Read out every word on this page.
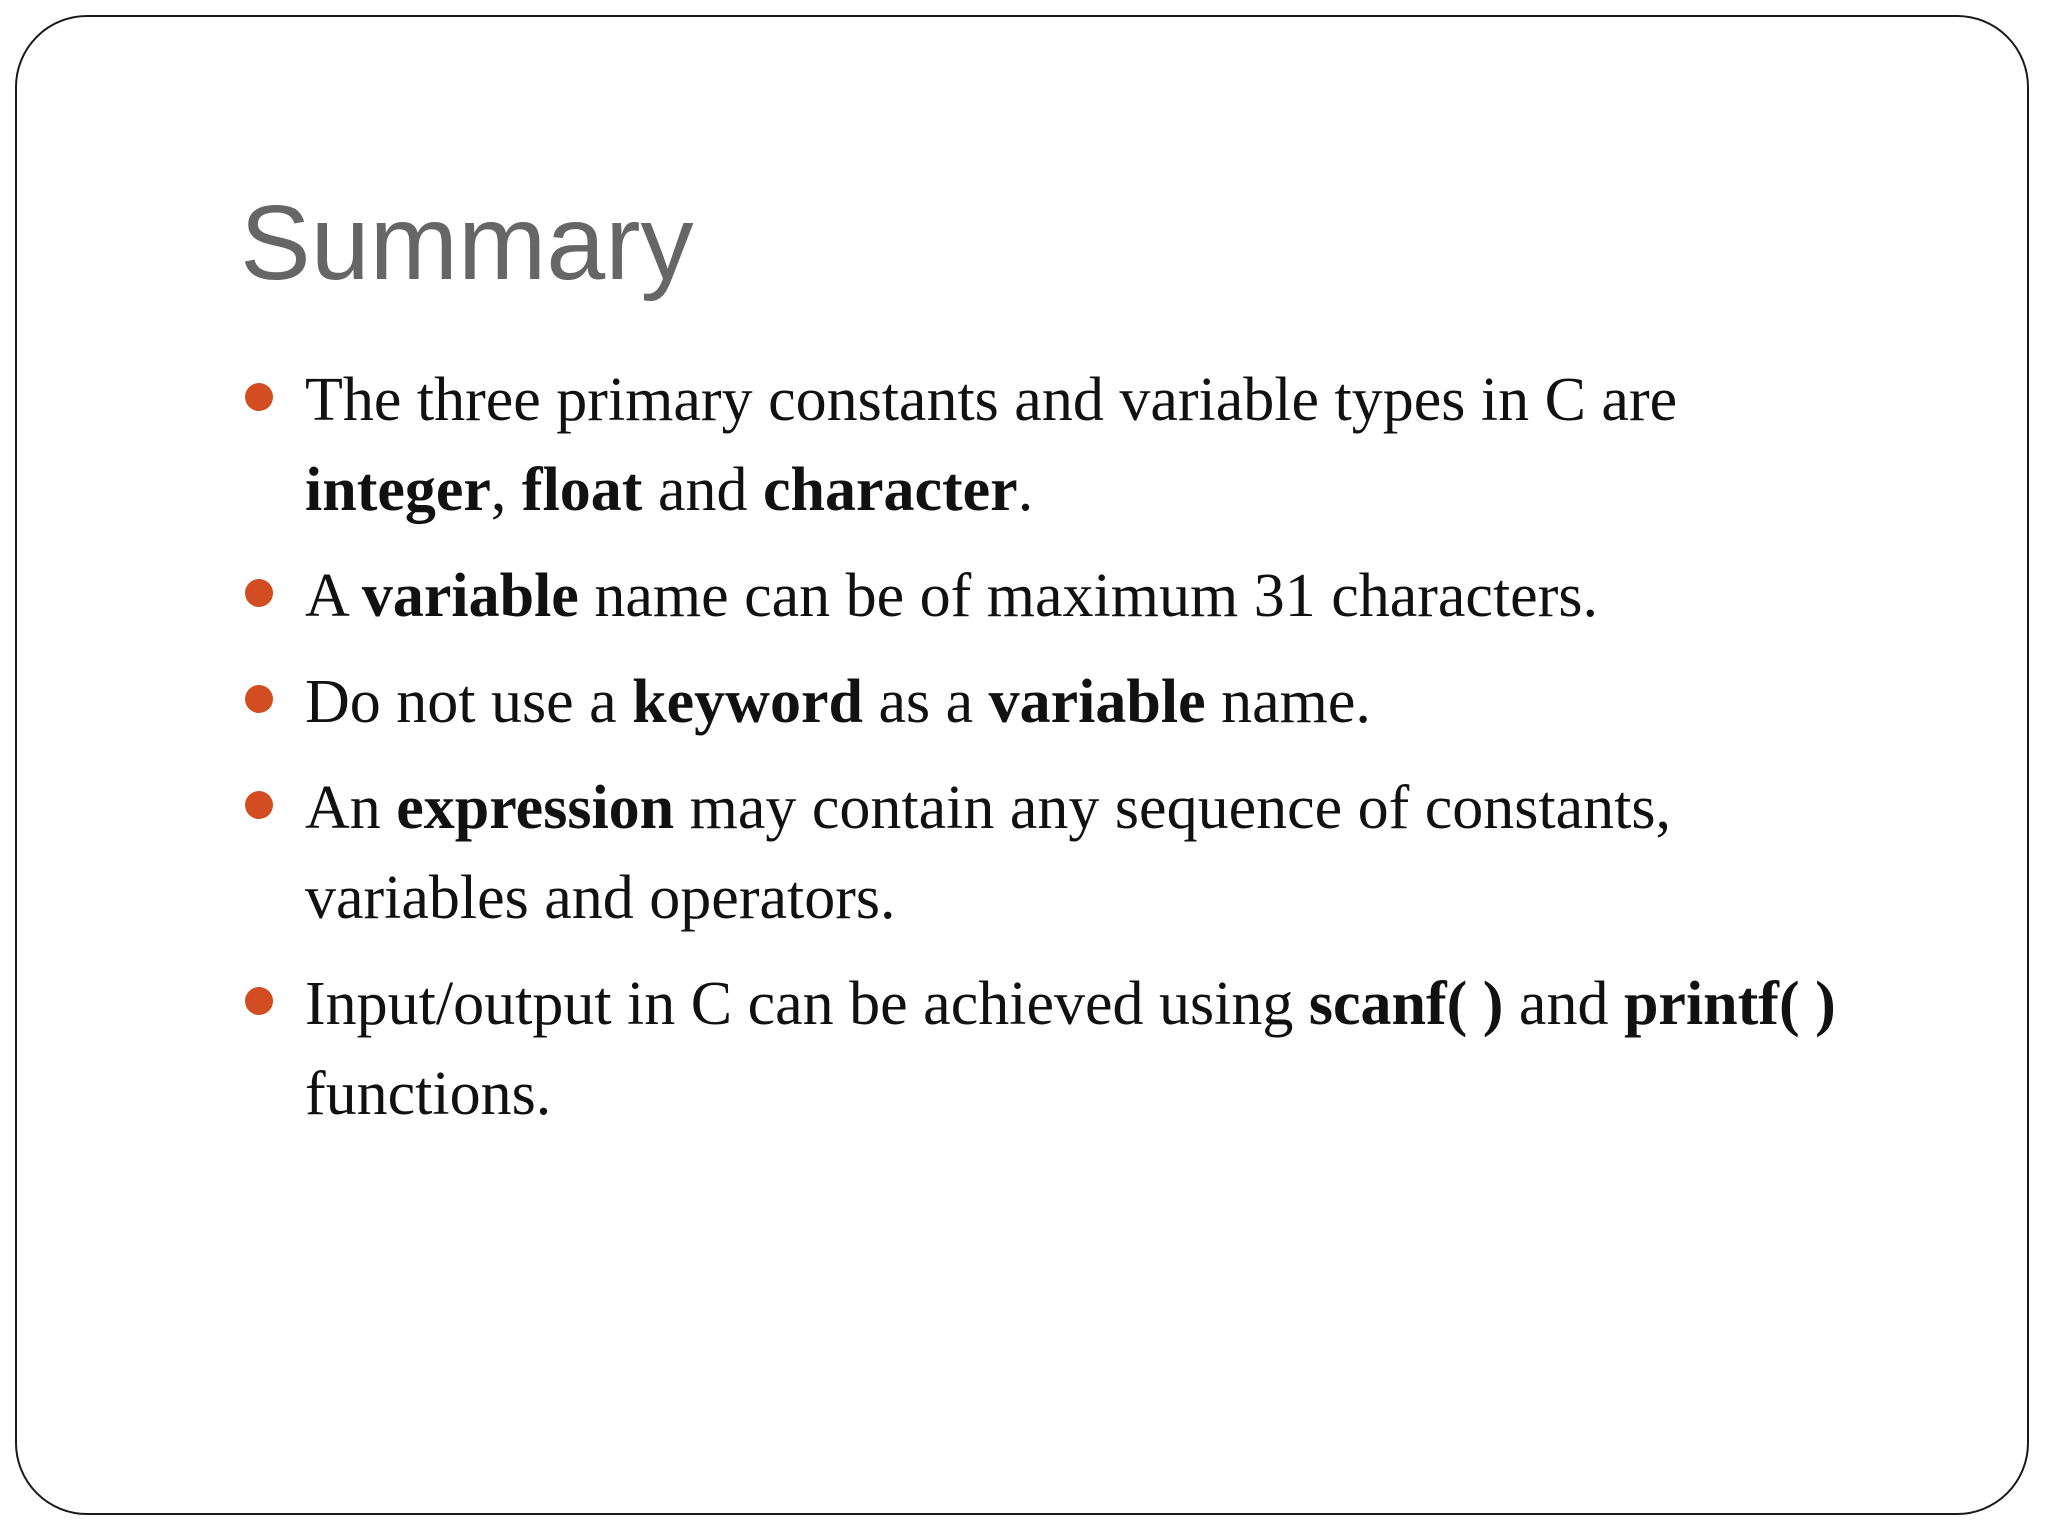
Summary
The three primary constants and variable types in C are integer, float and character.
A variable name can be of maximum 31 characters.
Do not use a keyword as a variable name.
An expression may contain any sequence of constants, variables and operators.
Input/output in C can be achieved using scanf( ) and printf( ) functions.
